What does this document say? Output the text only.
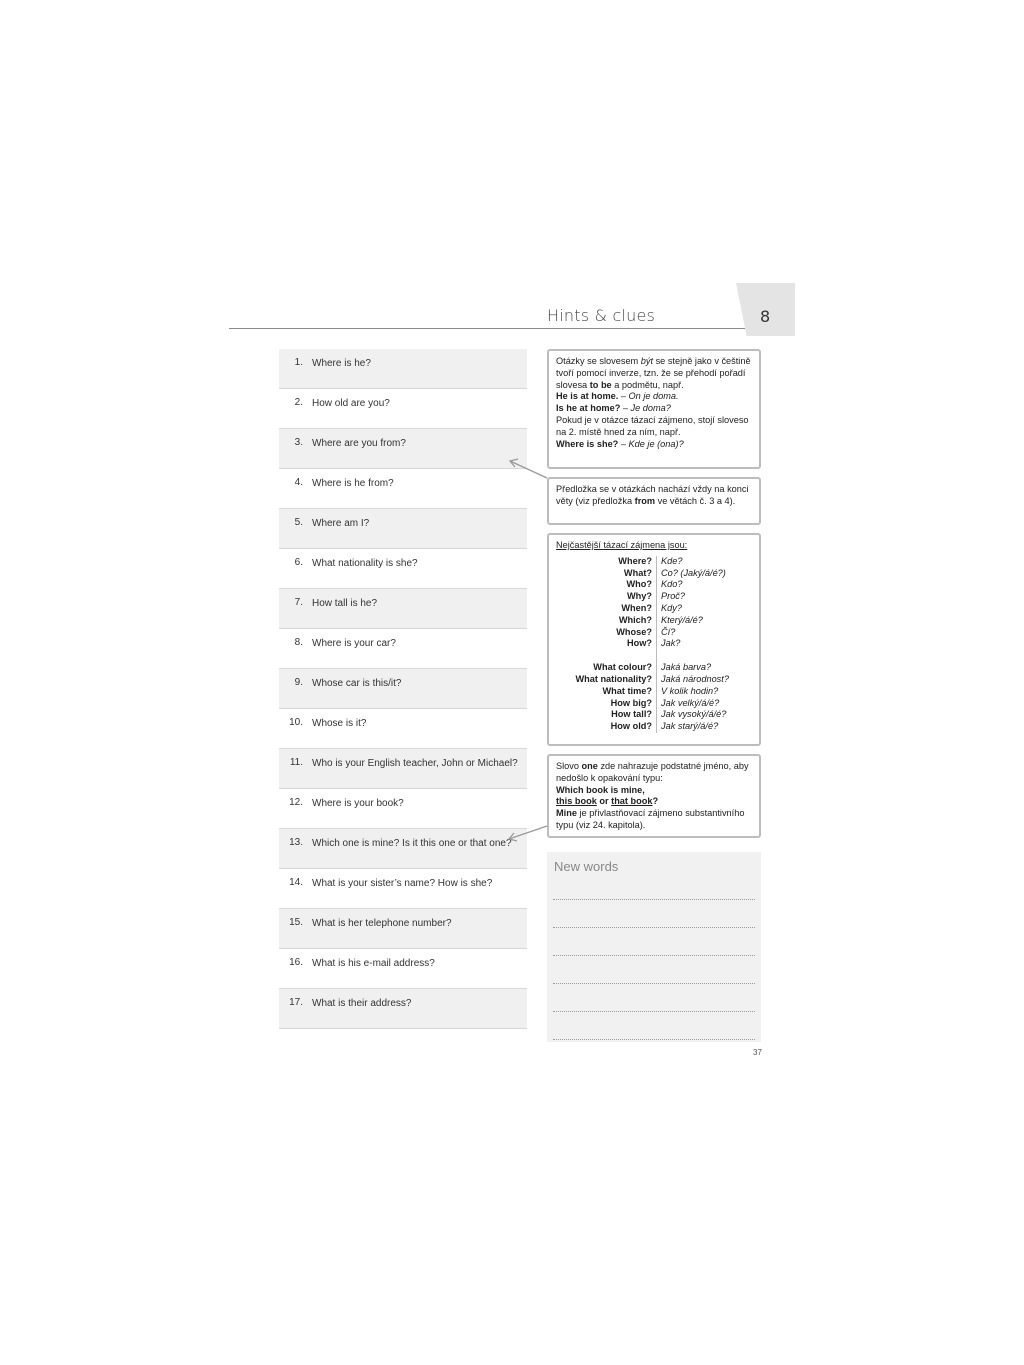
8
Hints & clues
1. Where is he?
2. How old are you?
3. Where are you from?
4. Where is he from?
5. Where am I?
6. What nationality is she?
7. How tall is he?
8. Where is your car?
9. Whose car is this/it?
10. Whose is it?
11. Who is your English teacher, John or Michael?
12. Where is your book?
13. Which one is mine? Is it this one or that one?
14. What is your sister’s name? How is she?
15. What is her telephone number?
16. What is his e-mail address?
17. What is their address?
Otázky se slovesem být se stejně jako v češtině tvoří pomocí inverze, tzn. že se přehodí pořadí slovesa to be a podmětu, např.
He is at home. – On je doma.
Is he at home? – Je doma?
Pokud je v otázce tázací zájmeno, stojí sloveso na 2. místě hned za ním, např.
Where is she? – Kde je (ona)?
Předložka se v otázkách nachází vždy na konci věty (viz předložka from ve větách č. 3 a 4).
Nejčastější tázací zájmena jsou:
Where?	Kde?
What?	Co? (Jaký/á/é?)
Who?	Kdo?
Why?	Proč?
When?	Kdy?
Which?	Který/á/é?
Whose?	Čí?
How?	Jak?

What colour?	Jaká barva?
What nationality?	Jaká národnost?
What time?	V kolik hodin?
How big?	Jak velký/á/é?
How tall?	Jak vysoký/á/é?
How old?	Jak starý/á/é?
Slovo one zde nahrazuje podstatné jméno, aby nedošlo k opakování typu:
Which book is mine,
this book or that book?
Mine je přivlastňovací zájmeno substantivního typu (viz 24. kapitola).
New words
37
